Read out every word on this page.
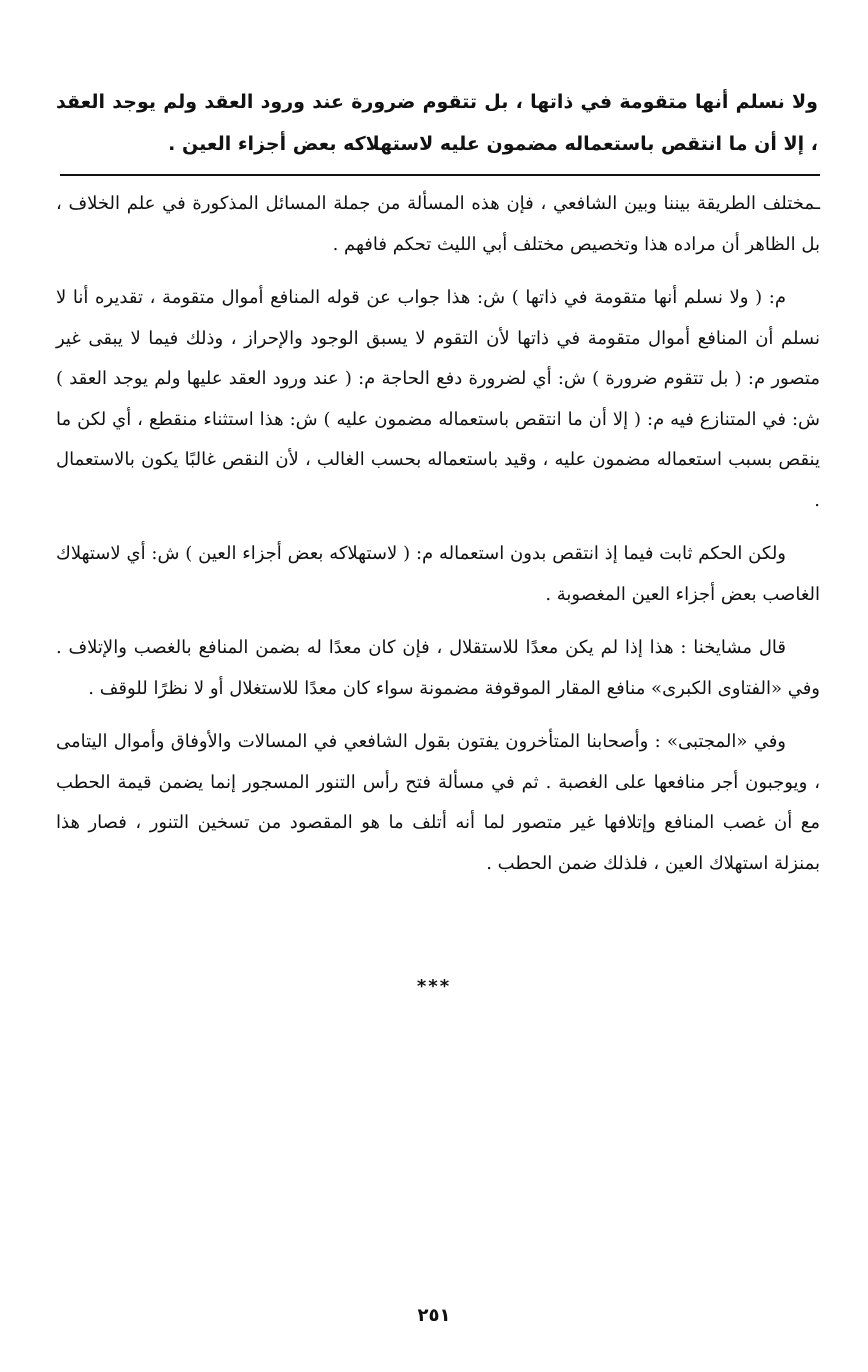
ولا نسلم أنها متقومة في ذاتها ، بل تتقوم ضرورة عند ورود العقد ولم يوجد العقد ، إلا أن ما انتقص باستعماله مضمون عليه لاستهلاكه بعض أجزاء العين .

ـمختلف الطريقة بيننا وبين الشافعي ، فإن هذه المسألة من جملة المسائل المذكورة في علم الخلاف ، بل الظاهر أن مراده هذا وتخصيص مختلف أبي الليث تحكم فافهم .

م: ( ولا نسلم أنها متقومة في ذاتها ) ش: هذا جواب عن قوله المنافع أموال متقومة ، تقديره أنا لا نسلم أن المنافع أموال متقومة في ذاتها لأن التقوم لا يسبق الوجود والإحراز ، وذلك فيما لا يبقى غير متصور م: ( بل تتقوم ضرورة ) ش: أي لضرورة دفع الحاجة م: ( عند ورود العقد عليها ولم يوجد العقد ) ش: في المتنازع فيه م: ( إلا أن ما انتقص باستعماله مضمون عليه ) ش: هذا استثناء منقطع ، أي لكن ما ينقص بسبب استعماله مضمون عليه ، وقيد باستعماله بحسب الغالب ، لأن النقص غالبًا يكون بالاستعمال .

ولكن الحكم ثابت فيما إذ انتقص بدون استعماله م: ( لاستهلاكه بعض أجزاء العين ) ش: أي لاستهلاك الغاصب بعض أجزاء العين المغصوبة .

قال مشايخنا : هذا إذا لم يكن معدًا للاستقلال ، فإن كان معدًا له بضمن المنافع بالغصب والإتلاف . وفي «الفتاوى الكبرى» منافع المقار الموقوفة مضمونة سواء كان معدًا للاستغلال أو لا نظرًا للوقف .

وفي «المجتبى» : وأصحابنا المتأخرون يفتون بقول الشافعي في المسالات والأوفاق وأموال اليتامى ، ويوجبون أجر منافعها على الغصبة . ثم في مسألة فتح رأس التنور المسجور إنما يضمن قيمة الحطب مع أن غصب المنافع وإتلافها غير متصور لما أنه أتلف ما هو المقصود من تسخين التنور ، فصار هذا بمنزلة استهلاك العين ، فلذلك ضمن الحطب .

***
٢٥١
